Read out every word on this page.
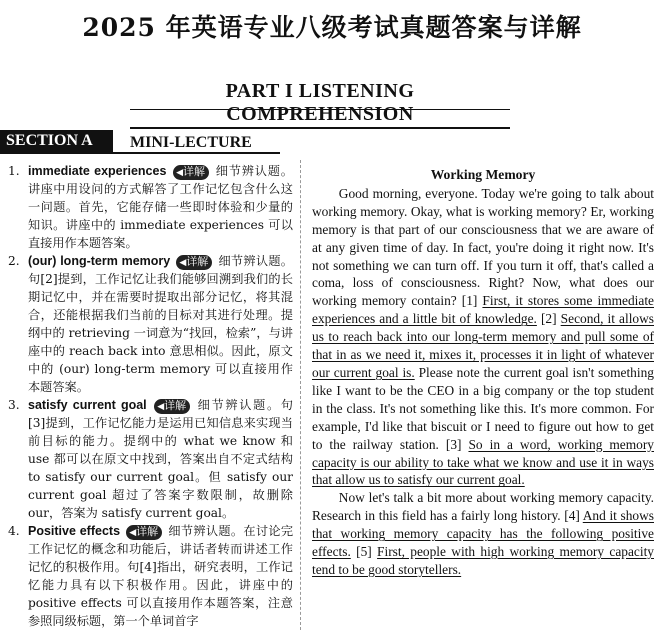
2025 年英语专业八级考试真题答案与详解
PART I LISTENING COMPREHENSION
SECTION A	MINI-LECTURE
1. immediate experiences ◀详解 细节辨认题。讲座中用设问的方式解答了工作记忆包含什么这一问题。首先，它能存储一些即时体验和少量的知识。讲座中的 immediate experiences 可以直接用作本题答案。
2. (our) long-term memory ◀详解 细节辨认题。句[2]提到，工作记忆让我们能够回溯到我们的长期记忆中，并在需要时提取出部分记忆，将其混合，还能根据我们当前的目标对其进行处理。提纲中的 retrieving 一词意为“找回，检索”，与讲座中的 reach back into 意思相似。因此，原文中的 (our) long-term memory 可以直接用作本题答案。
3. satisfy current goal ◀详解 细节辨认题。句[3]提到，工作记忆能力是运用已知信息来实现当前目标的能力。提纲中的 what we know 和 use 都可以在原文中找到，答案出自不定式结构 to satisfy our current goal。但 satisfy our current goal 超过了答案字数限制，故删除 our，答案为 satisfy current goal。
4. Positive effects ◀详解 细节辨认题。在讨论完工作记忆的概念和功能后，讲话者转而讲述工作记忆的积极作用。句[4]指出，研究表明，工作记忆能力具有以下积极作用。因此，讲座中的 positive effects 可以直接用作本题答案，注意参照同级标题，第一个单词首字
Working Memory

Good morning, everyone. Today we're going to talk about working memory. Okay, what is working memory? Er, working memory is that part of our consciousness that we are aware of at any given time of day. In fact, you're doing it right now. It's not something we can turn off. If you turn it off, that's called a coma, loss of consciousness. Right? Now, what does our working memory contain? [1] First, it stores some immediate experiences and a little bit of knowledge. [2] Second, it allows us to reach back into our long-term memory and pull some of that in as we need it, mixes it, processes it in light of whatever our current goal is. Please note the current goal isn't something like I want to be the CEO in a big company or the top student in the class. It's not something like this. It's more common. For example, I'd like that biscuit or I need to figure out how to get to the railway station. [3] So in a word, working memory capacity is our ability to take what we know and use it in ways that allow us to satisfy our current goal.

Now let's talk a bit more about working memory capacity. Research in this field has a fairly long history. [4] And it shows that working memory capacity has the following positive effects. [5] First, people with high working memory capacity tend to be good storytellers.
